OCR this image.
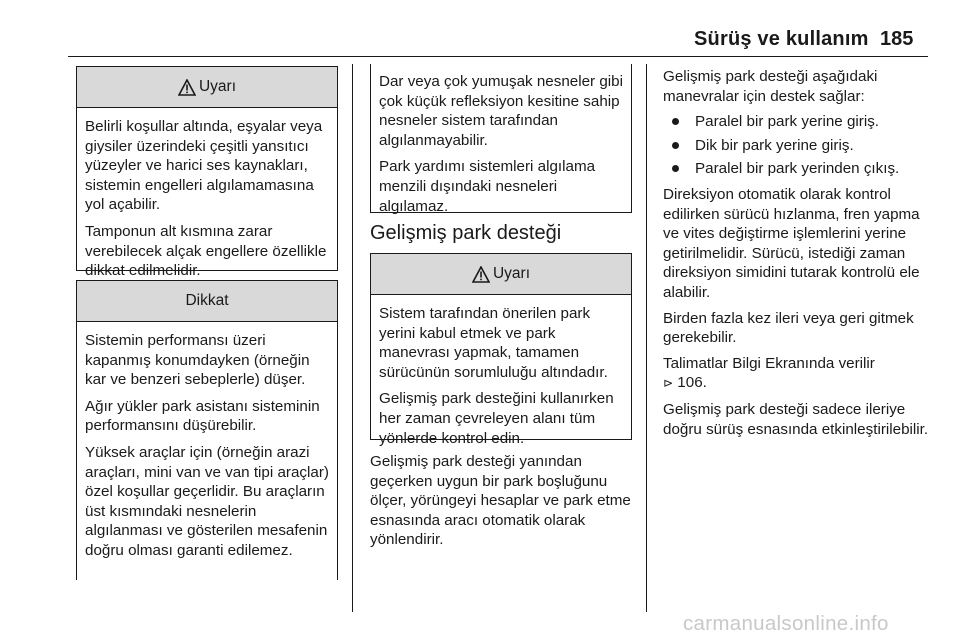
Sürüş ve kullanım 185
Uyarı

Belirli koşullar altında, eşyalar veya giysiler üzerindeki çeşitli yansıtıcı yüzeyler ve harici ses kaynakları, sistemin engelleri algılamamasına yol açabilir.

Tamponun alt kısmına zarar verebilecek alçak engellere özellikle dikkat edilmelidir.

Dikkat

Sistemin performansı üzeri kapanmış konumdayken (örneğin kar ve benzeri sebeplerle) düşer.

Ağır yükler park asistanı sisteminin performansını düşürebilir.

Yüksek araçlar için (örneğin arazi araçları, mini van ve van tipi araçlar) özel koşullar geçerlidir. Bu araçların üst kısmındaki nesnelerin algılanması ve gösterilen mesafenin doğru olması garanti edilemez.

Dar veya çok yumuşak nesneler gibi çok küçük refleksiyon kesitine sahip nesneler sistem tarafından algılanmayabilir.

Park yardımı sistemleri algılama menzili dışındaki nesneleri algılamaz.

Gelişmiş park desteği
Uyarı

Sistem tarafından önerilen park yerini kabul etmek ve park manevrası yapmak, tamamen sürücünün sorumluluğu altındadır.

Gelişmiş park desteğini kullanırken her zaman çevreleyen alanı tüm yönlerde kontrol edin.

Gelişmiş park desteği yanından geçerken uygun bir park boşluğunu ölçer, yörüngeyi hesaplar ve park etme esnasında aracı otomatik olarak yönlendirir.

Gelişmiş park desteği aşağıdaki manevralar için destek sağlar:

Paralel bir park yerine giriş.
Dik bir park yerine giriş.
Paralel bir park yerinden çıkış.

Direksiyon otomatik olarak kontrol edilirken sürücü hızlanma, fren yapma ve vites değiştirme işlemlerini yerine getirilmelidir. Sürücü, istediği zaman direksiyon simidini tutarak kontrolü ele alabilir.

Birden fazla kez ileri veya geri gitmek gerekebilir.

Talimatlar Bilgi Ekranında verilir
⊳ 106.

Gelişmiş park desteği sadece ileriye doğru sürüş esnasında etkinleştirilebilir.

carmanualsonline.info
